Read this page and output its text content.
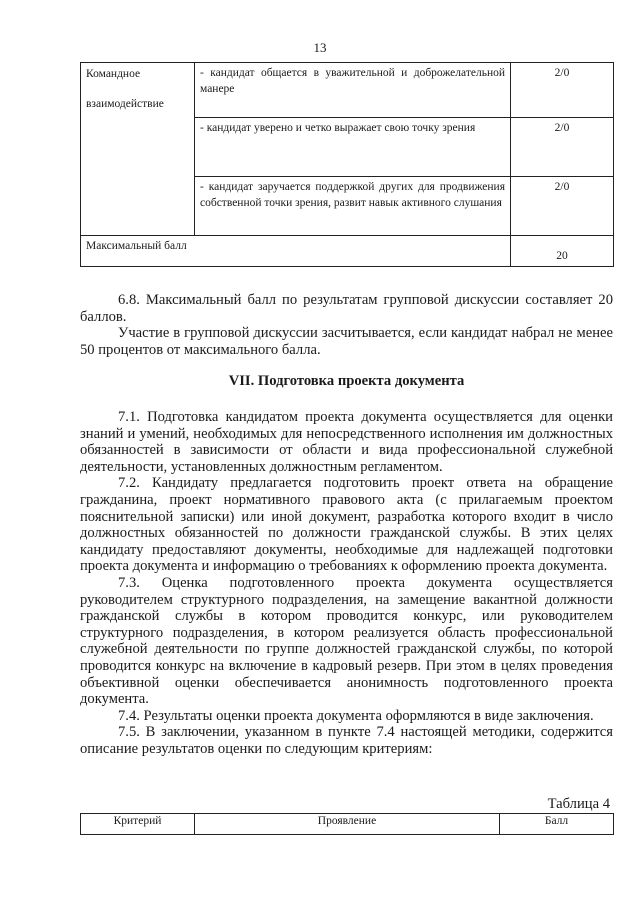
13
Командное
взаимодействие	- кандидат общается в уважительной и доброжелательной манере	2/0
	- кандидат уверено и четко выражает свою точку зрения	2/0
	- кандидат заручается поддержкой других для продвижения собственной точки зрения, развит навык активного слушания	2/0
Максимальный балл		20

6.8. Максимальный балл по результатам групповой дискуссии составляет 20 баллов.

Участие в групповой дискуссии засчитывается, если кандидат набрал не менее 50 процентов от максимального балла.

VII. Подготовка проекта документа

7.1. Подготовка кандидатом проекта документа осуществляется для оценки знаний и умений, необходимых для непосредственного исполнения им должностных обязанностей в зависимости от области и вида профессиональной служебной деятельности, установленных должностным регламентом.

7.2. Кандидату предлагается подготовить проект ответа на обращение гражданина, проект нормативного правового акта (с прилагаемым проектом пояснительной записки) или иной документ, разработка которого входит в число должностных обязанностей по должности гражданской службы. В этих целях кандидату предоставляют документы, необходимые для надлежащей подготовки проекта документа и информацию о требованиях к оформлению проекта документа.

7.3. Оценка подготовленного проекта документа осуществляется руководителем структурного подразделения, на замещение вакантной должности гражданской службы в котором проводится конкурс, или руководителем структурного подразделения, в котором реализуется область профессиональной служебной деятельности по группе должностей гражданской службы, по которой проводится конкурс на включение в кадровый резерв. При этом в целях проведения объективной оценки обеспечивается анонимность подготовленного проекта документа.

7.4. Результаты оценки проекта документа оформляются в виде заключения.

7.5. В заключении, указанном в пункте 7.4 настоящей методики, содержится описание результатов оценки по следующим критериям:

Таблица 4
Критерий	Проявление	Балл
